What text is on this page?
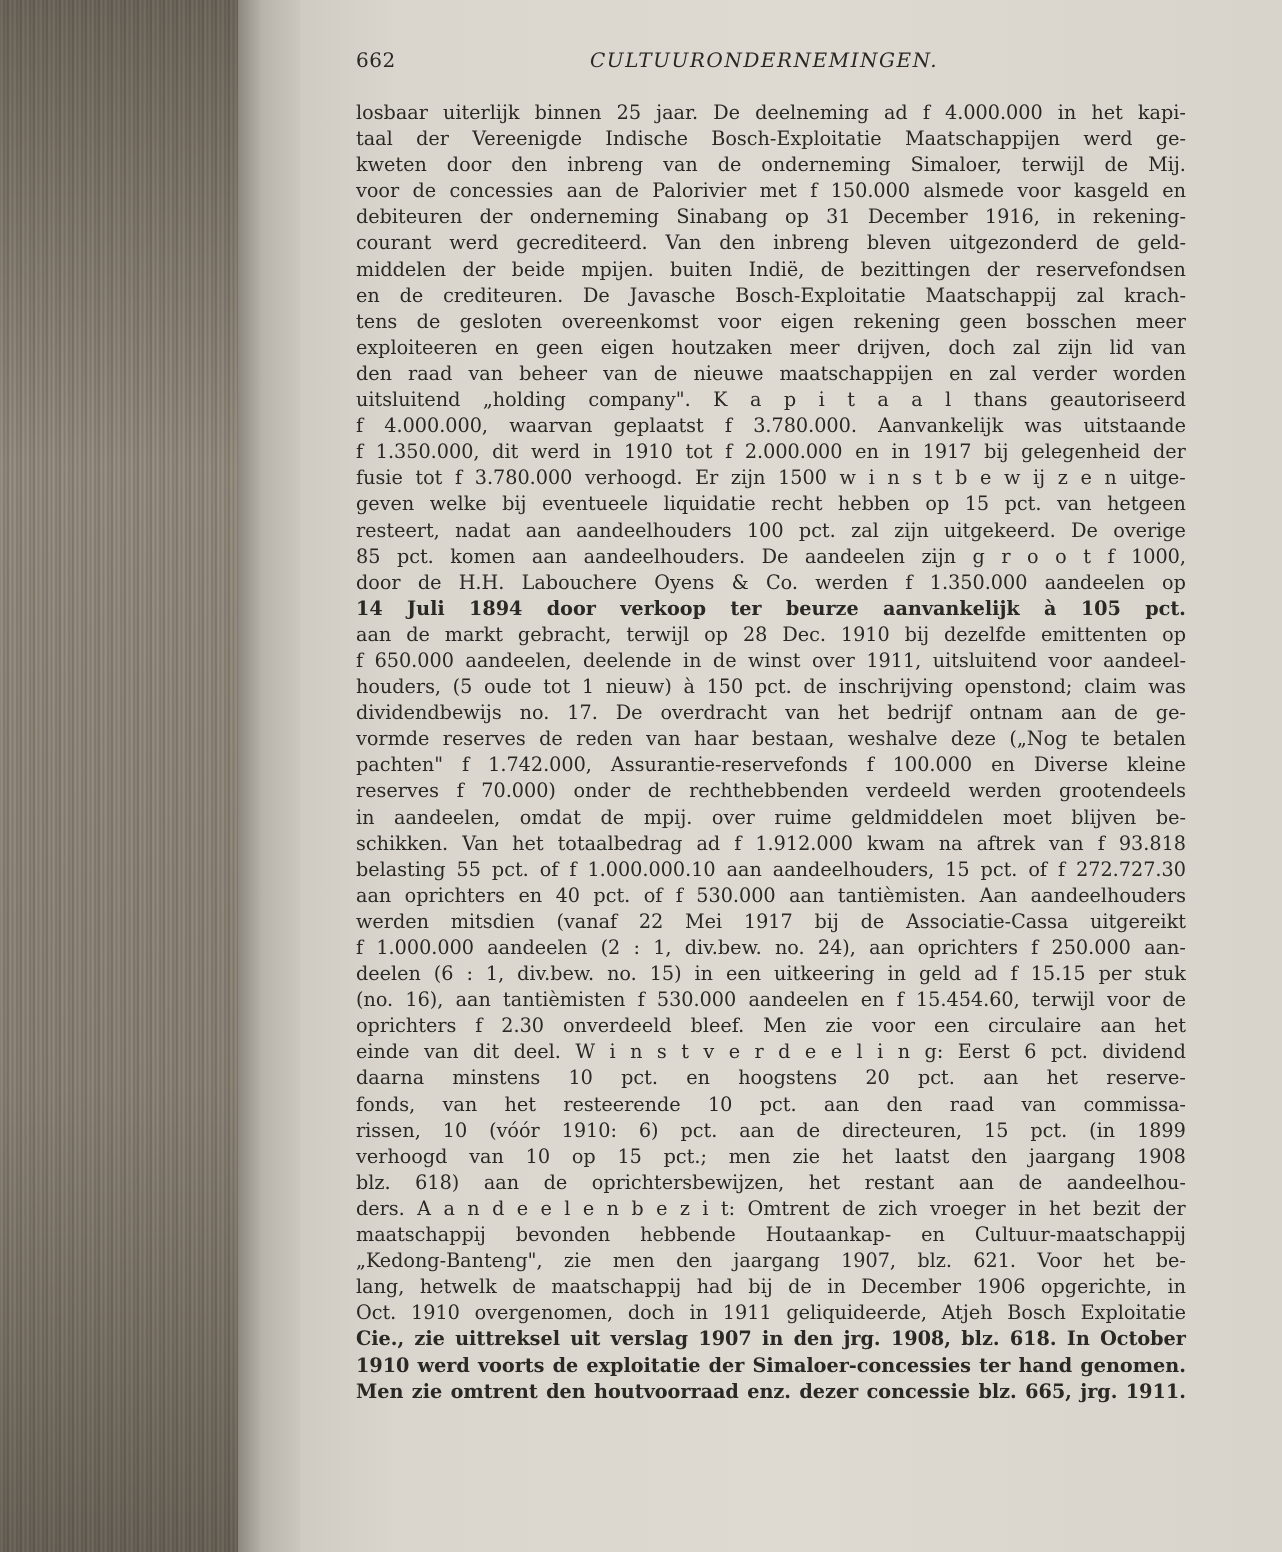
662	CULTUURONDERNEMINGEN.
losbaar uiterlijk binnen 25 jaar. De deelneming ad f 4.000.000 in het kapi-
taal der Vereenigde Indische Bosch-Exploitatie Maatschappijen werd ge-
kweten door den inbreng van de onderneming Simaloer, terwijl de Mij.
voor de concessies aan de Palorivier met f 150.000 alsmede voor kasgeld en
debiteuren der onderneming Sinabang op 31 December 1916, in rekening-
courant werd gecrediteerd. Van den inbreng bleven uitgezonderd de geld-
middelen der beide mpijen. buiten Indië, de bezittingen der reservefondsen
en de crediteuren. De Javasche Bosch-Exploitatie Maatschappij zal krach-
tens de gesloten overeenkomst voor eigen rekening geen bosschen meer
exploiteeren en geen eigen houtzaken meer drijven, doch zal zijn lid van
den raad van beheer van de nieuwe maatschappijen en zal verder worden
uitsluitend „holding company". K a p i t a a l thans geautoriseerd
f 4.000.000, waarvan geplaatst f 3.780.000. Aanvankelijk was uitstaande
f 1.350.000, dit werd in 1910 tot f 2.000.000 en in 1917 bij gelegenheid der
fusie tot f 3.780.000 verhoogd. Er zijn 1500 w i n s t b e w ij z e n uitge-
geven welke bij eventueele liquidatie recht hebben op 15 pct. van hetgeen
resteert, nadat aan aandeelhouders 100 pct. zal zijn uitgekeerd. De overige
85 pct. komen aan aandeelhouders. De aandeelen zijn g r o o t f 1000,
door de H.H. Labouchere Oyens & Co. werden f 1.350.000 aandeelen op
14 Juli 1894 door verkoop ter beurze aanvankelijk à 105 pct.
aan de markt gebracht, terwijl op 28 Dec. 1910 bij dezelfde emittenten op
f 650.000 aandeelen, deelende in de winst over 1911, uitsluitend voor aandeel-
houders, (5 oude tot 1 nieuw) à 150 pct. de inschrijving openstond; claim was
dividendbewijs no. 17. De overdracht van het bedrijf ontnam aan de ge-
vormde reserves de reden van haar bestaan, weshalve deze („Nog te betalen
pachten" f 1.742.000, Assurantie-reservefonds f 100.000 en Diverse kleine
reserves f 70.000) onder de rechthebbenden verdeeld werden grootendeels
in aandeelen, omdat de mpij. over ruime geldmiddelen moet blijven be-
schikken. Van het totaalbedrag ad f 1.912.000 kwam na aftrek van f 93.818
belasting 55 pct. of f 1.000.000.10 aan aandeelhouders, 15 pct. of f 272.727.30
aan oprichters en 40 pct. of f 530.000 aan tantièmisten. Aan aandeelhouders
werden mitsdien (vanaf 22 Mei 1917 bij de Associatie-Cassa uitgereikt
f 1.000.000 aandeelen (2 : 1, div.bew. no. 24), aan oprichters f 250.000 aan-
deelen (6 : 1, div.bew. no. 15) in een uitkeering in geld ad f 15.15 per stuk
(no. 16), aan tantièmisten f 530.000 aandeelen en f 15.454.60, terwijl voor de
oprichters f 2.30 onverdeeld bleef. Men zie voor een circulaire aan het
einde van dit deel. W i n s t v e r d e e l i n g: Eerst 6 pct. dividend
daarna minstens 10 pct. en hoogstens 20 pct. aan het reserve-
fonds, van het resteerende 10 pct. aan den raad van commissa-
rissen, 10 (vóór 1910: 6) pct. aan de directeuren, 15 pct. (in 1899
verhoogd van 10 op 15 pct.; men zie het laatst den jaargang 1908
blz. 618) aan de oprichtersbewijzen, het restant aan de aandeelhou-
ders. A a n d e e l e n b e z i t: Omtrent de zich vroeger in het bezit der
maatschappij bevonden hebbende Houtaankap- en Cultuur-maatschappij
„Kedong-Banteng", zie men den jaargang 1907, blz. 621. Voor het be-
lang, hetwelk de maatschappij had bij de in December 1906 opgerichte, in
Oct. 1910 overgenomen, doch in 1911 geliquideerde, Atjeh Bosch Exploitatie
Cie., zie uittreksel uit verslag 1907 in den jrg. 1908, blz. 618. In October
1910 werd voorts de exploitatie der Simaloer-concessies ter hand genomen.
Men zie omtrent den houtvoorraad enz. dezer concessie blz. 665, jrg. 1911.
